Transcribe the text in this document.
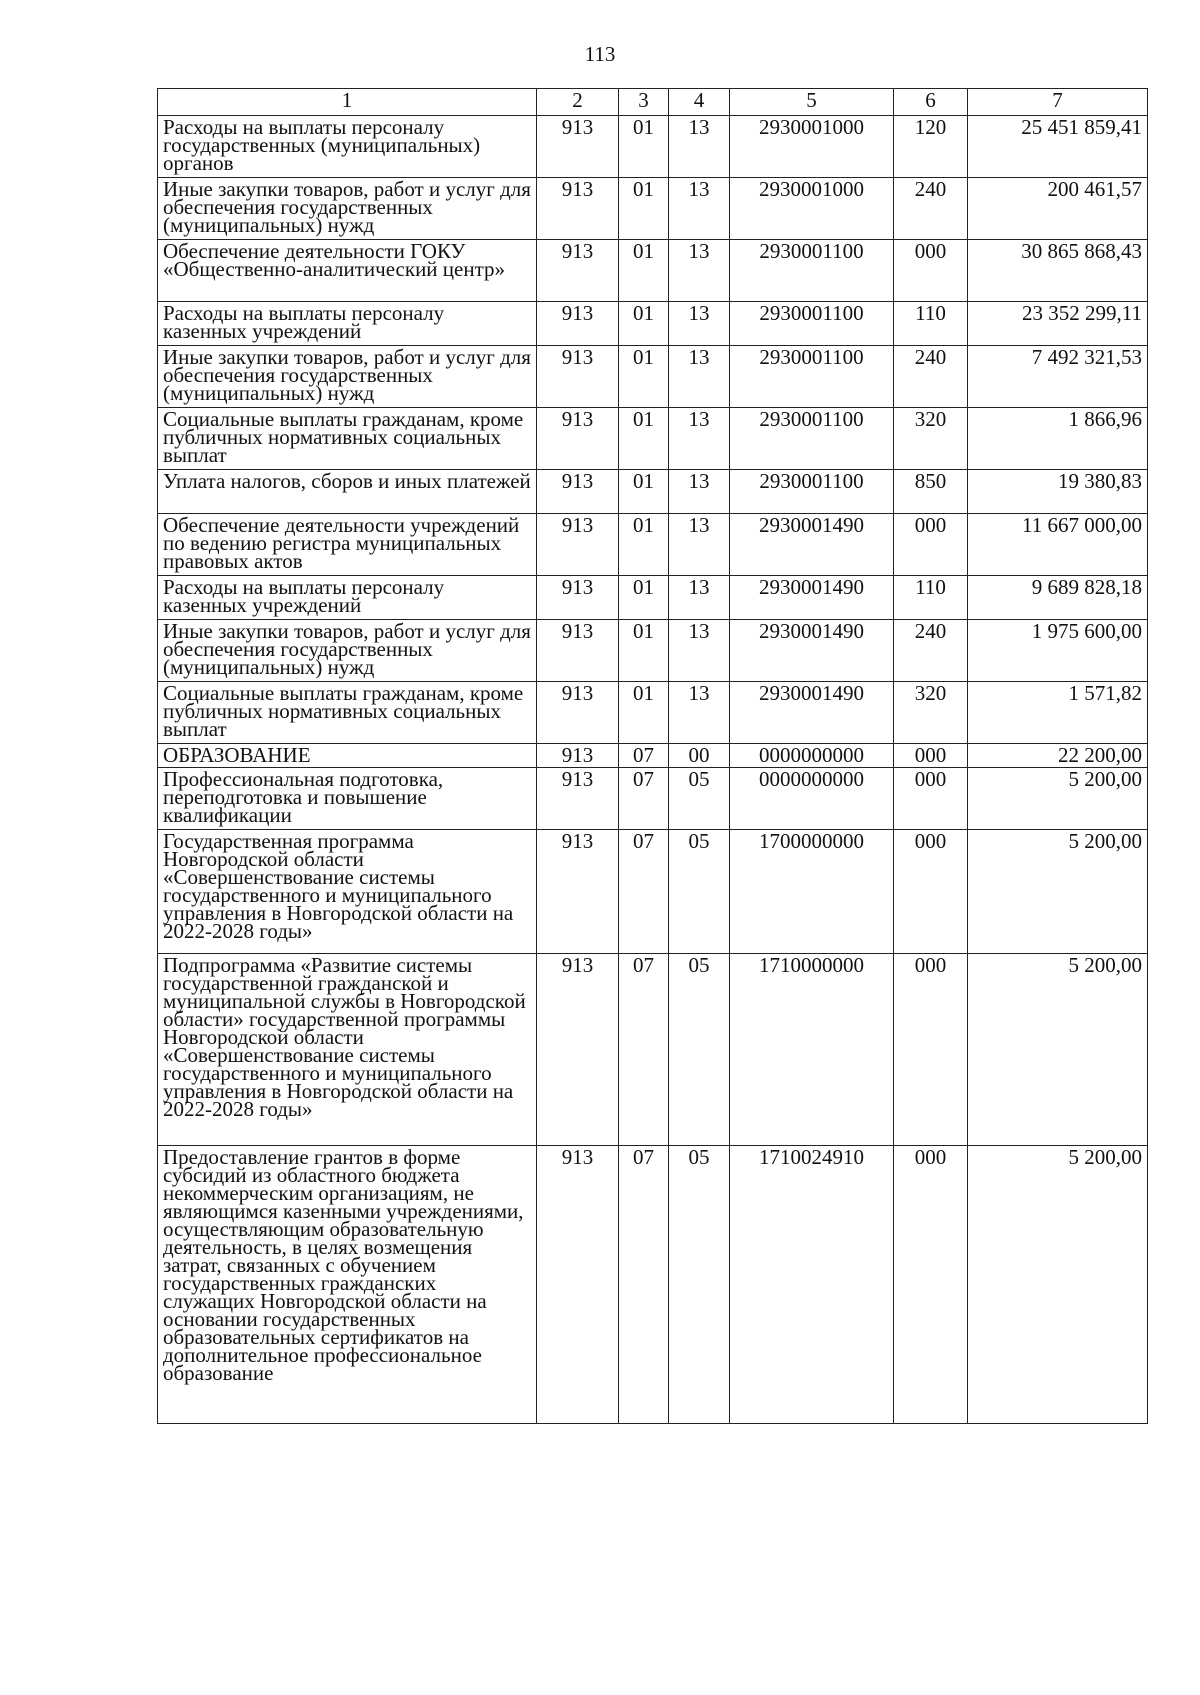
113
1	2	3	4	5	6	7
Расходы на выплаты персоналу государственных (муниципальных) органов	913	01	13	2930001000	120	25 451 859,41
Иные закупки товаров, работ и услуг для обеспечения государственных (муниципальных) нужд	913	01	13	2930001000	240	200 461,57
Обеспечение деятельности ГОКУ «Общественно-аналитический центр»	913	01	13	2930001100	000	30 865 868,43
Расходы на выплаты персоналу казенных учреждений	913	01	13	2930001100	110	23 352 299,11
Иные закупки товаров, работ и услуг для обеспечения государственных (муниципальных) нужд	913	01	13	2930001100	240	7 492 321,53
Социальные выплаты гражданам, кроме публичных нормативных социальных выплат	913	01	13	2930001100	320	1 866,96
Уплата налогов, сборов и иных платежей	913	01	13	2930001100	850	19 380,83
Обеспечение деятельности учреждений по ведению регистра муниципальных правовых актов	913	01	13	2930001490	000	11 667 000,00
Расходы на выплаты персоналу казенных учреждений	913	01	13	2930001490	110	9 689 828,18
Иные закупки товаров, работ и услуг для обеспечения государственных (муниципальных) нужд	913	01	13	2930001490	240	1 975 600,00
Социальные выплаты гражданам, кроме публичных нормативных социальных выплат	913	01	13	2930001490	320	1 571,82
ОБРАЗОВАНИЕ	913	07	00	0000000000	000	22 200,00
Профессиональная подготовка, переподготовка и повышение квалификации	913	07	05	0000000000	000	5 200,00
Государственная программа Новгородской области «Совершенствование системы государственного и муниципального управления в Новгородской области на 2022-2028 годы»	913	07	05	1700000000	000	5 200,00
Подпрограмма «Развитие системы государственной гражданской и муниципальной службы в Новгородской области» государственной программы Новгородской области «Совершенствование системы государственного и муниципального управления в Новгородской области на 2022-2028 годы»	913	07	05	1710000000	000	5 200,00
Предоставление грантов в форме субсидий из областного бюджета некоммерческим организациям, не являющимся казенными учреждениями, осуществляющим образовательную деятельность, в целях возмещения затрат, связанных с обучением государственных гражданских служащих Новгородской области на основании государственных образовательных сертификатов на дополнительное профессиональное образование	913	07	05	1710024910	000	5 200,00
